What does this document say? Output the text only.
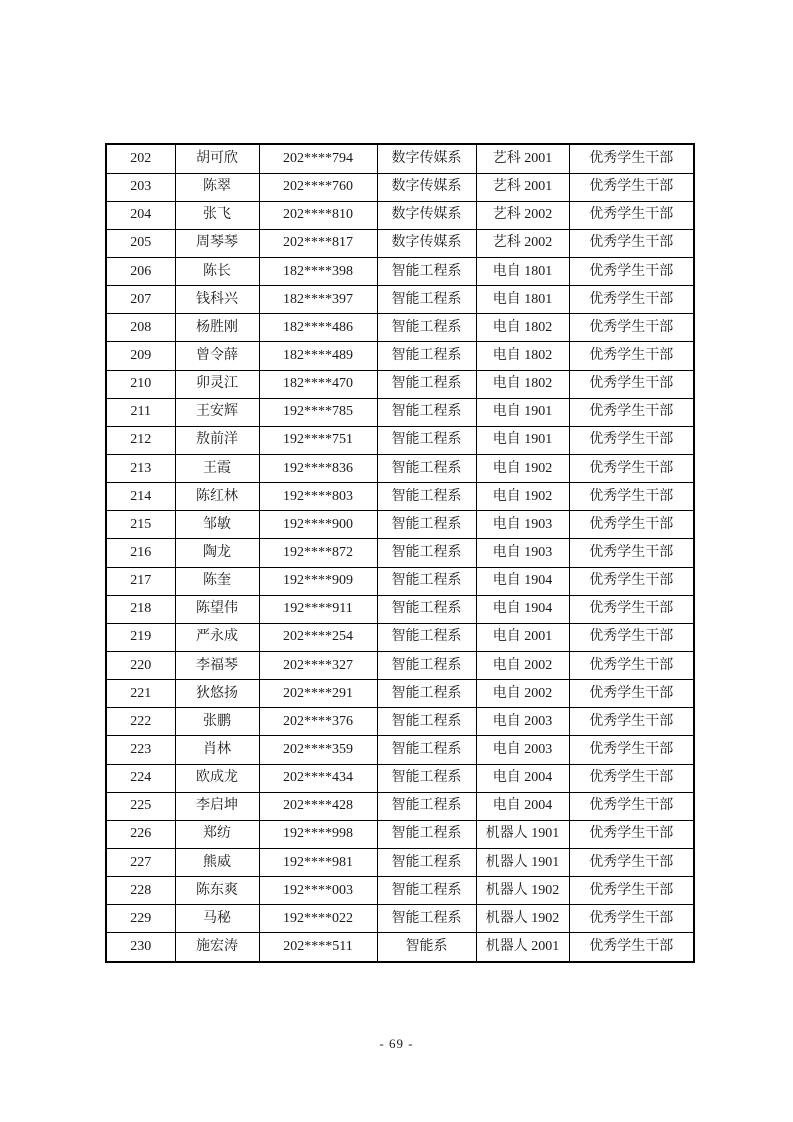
202	胡可欣	202****794	数字传媒系	艺科 2001	优秀学生干部
203	陈翠	202****760	数字传媒系	艺科 2001	优秀学生干部
204	张飞	202****810	数字传媒系	艺科 2002	优秀学生干部
205	周琴琴	202****817	数字传媒系	艺科 2002	优秀学生干部
206	陈长	182****398	智能工程系	电自 1801	优秀学生干部
207	钱科兴	182****397	智能工程系	电自 1801	优秀学生干部
208	杨胜刚	182****486	智能工程系	电自 1802	优秀学生干部
209	曾令薛	182****489	智能工程系	电自 1802	优秀学生干部
210	卯灵江	182****470	智能工程系	电自 1802	优秀学生干部
211	王安辉	192****785	智能工程系	电自 1901	优秀学生干部
212	敖前洋	192****751	智能工程系	电自 1901	优秀学生干部
213	王霞	192****836	智能工程系	电自 1902	优秀学生干部
214	陈红林	192****803	智能工程系	电自 1902	优秀学生干部
215	邹敏	192****900	智能工程系	电自 1903	优秀学生干部
216	陶龙	192****872	智能工程系	电自 1903	优秀学生干部
217	陈奎	192****909	智能工程系	电自 1904	优秀学生干部
218	陈望伟	192****911	智能工程系	电自 1904	优秀学生干部
219	严永成	202****254	智能工程系	电自 2001	优秀学生干部
220	李福琴	202****327	智能工程系	电自 2002	优秀学生干部
221	狄悠扬	202****291	智能工程系	电自 2002	优秀学生干部
222	张鹏	202****376	智能工程系	电自 2003	优秀学生干部
223	肖林	202****359	智能工程系	电自 2003	优秀学生干部
224	欧成龙	202****434	智能工程系	电自 2004	优秀学生干部
225	李启坤	202****428	智能工程系	电自 2004	优秀学生干部
226	郑纺	192****998	智能工程系	机器人 1901	优秀学生干部
227	熊威	192****981	智能工程系	机器人 1901	优秀学生干部
228	陈东爽	192****003	智能工程系	机器人 1902	优秀学生干部
229	马秘	192****022	智能工程系	机器人 1902	优秀学生干部
230	施宏涛	202****511	智能系	机器人 2001	优秀学生干部
- 69 -
